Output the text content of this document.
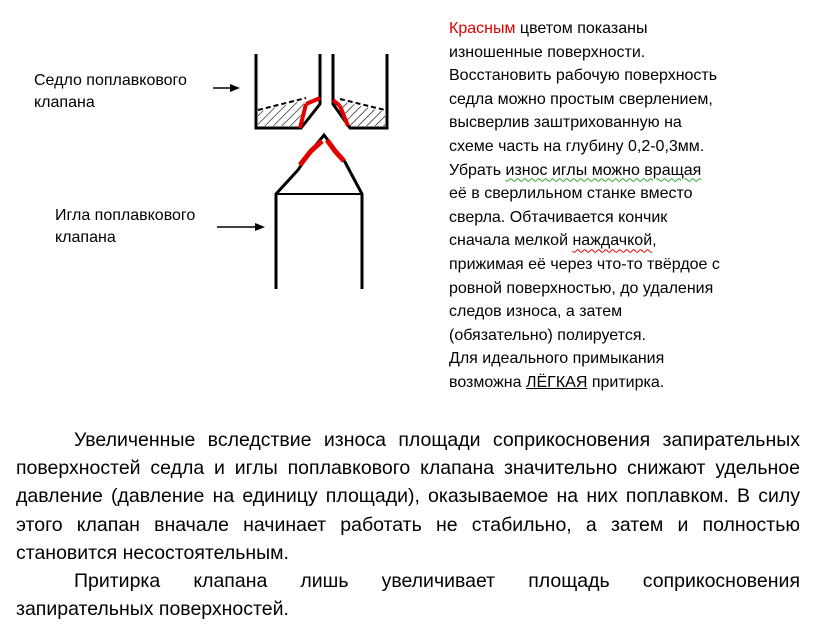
Седло поплавкового
клапана

Игла поплавкового
клапана

Красным цветом показаны
изношенные поверхности.
Восстановить рабочую поверхность
седла можно простым сверлением,
высверлив заштрихованную на
схеме часть на глубину 0,2-0,3мм.
Убрать износ иглы можно вращая
её в сверлильном станке вместо
сверла. Обтачивается кончик
сначала мелкой наждачкой,
прижимая её через что-то твёрдое с
ровной поверхностью, до удаления
следов износа, а затем
(обязательно) полируется.
Для идеального примыкания
возможна ЛЁГКАЯ притирка.

Увеличенные вследствие износа площади соприкосновения запирательных поверхностей седла и иглы поплавкового клапана значительно снижают удельное давление (давление на единицу площади), оказываемое на них поплавком. В силу этого клапан вначале начинает работать не стабильно, а затем и полностью становится несостоятельным.

Притирка клапана лишь увеличивает площадь соприкосновения запирательных поверхностей.
